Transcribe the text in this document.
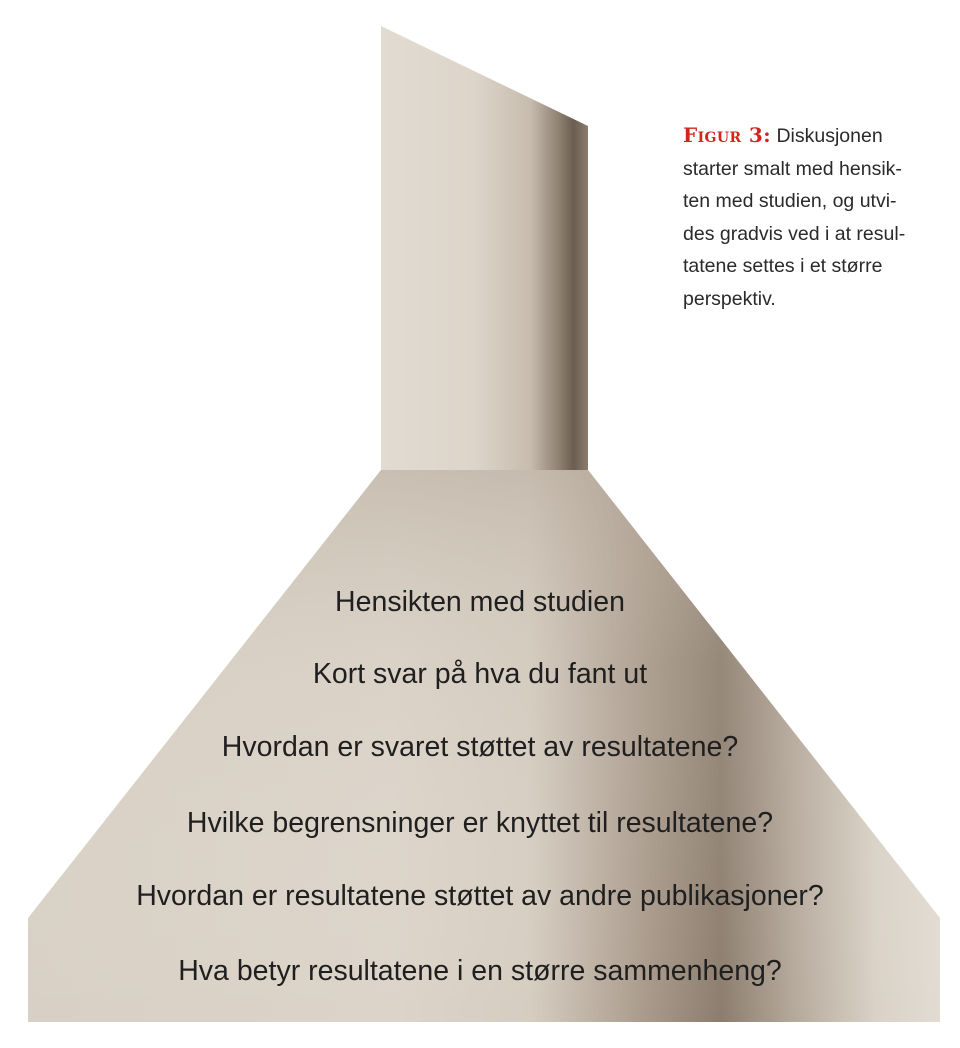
Figur 3: Diskusjonen
starter smalt med hensik-
ten med studien, og utvi-
des gradvis ved i at resul-
tatene settes i et større
perspektiv.
Hensikten med studien
Kort svar på hva du fant ut
Hvordan er svaret støttet av resultatene?
Hvilke begrensninger er knyttet til resultatene?
Hvordan er resultatene støttet av andre publikasjoner?
Hva betyr resultatene i en større sammenheng?
